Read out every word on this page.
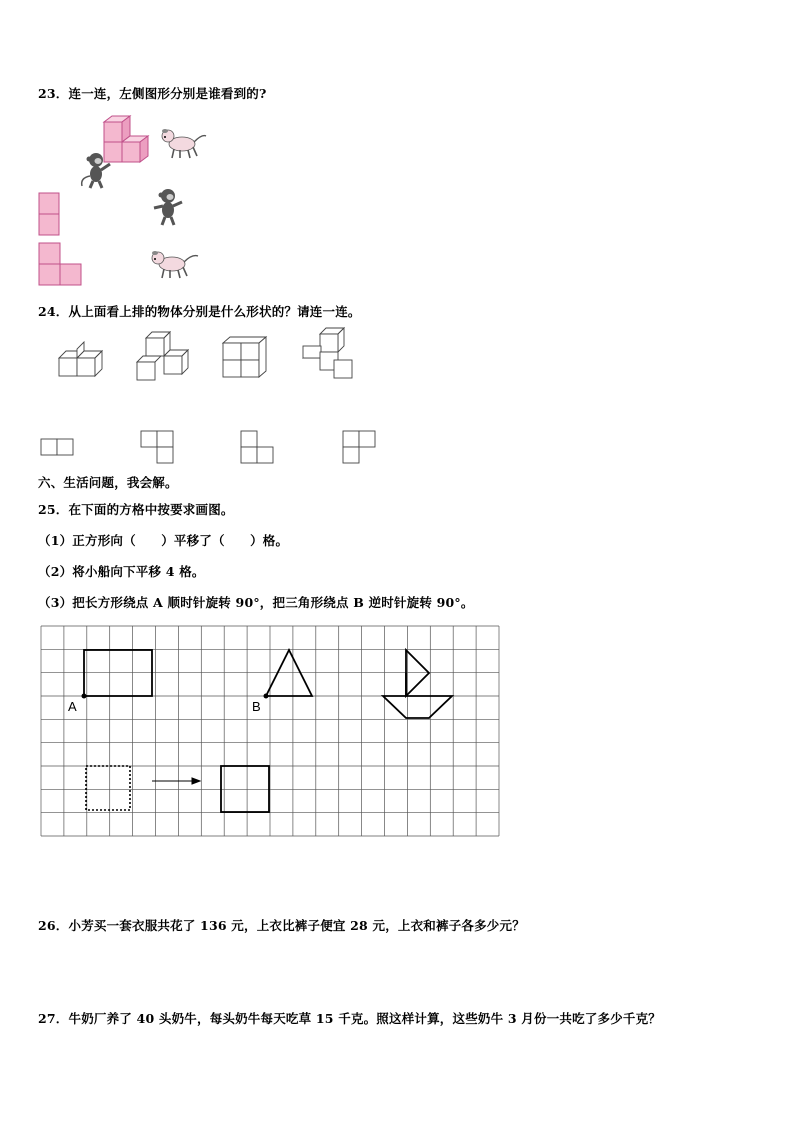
23．连一连，左侧图形分别是谁看到的?
24．从上面看上排的物体分别是什么形状的？请连一连。
六、生活问题，我会解。
25．在下面的方格中按要求画图。
（1）正方形向（　　）平移了（　　）格。
（2）将小船向下平移 4 格。
（3）把长方形绕点 A 顺时针旋转 90°，把三角形绕点 B 逆时针旋转 90°。
A	B
26．小芳买一套衣服共花了 136 元，上衣比裤子便宜 28 元，上衣和裤子各多少元？
27．牛奶厂养了 40 头奶牛，每头奶牛每天吃草 15 千克。照这样计算，这些奶牛 3 月份一共吃了多少千克？
